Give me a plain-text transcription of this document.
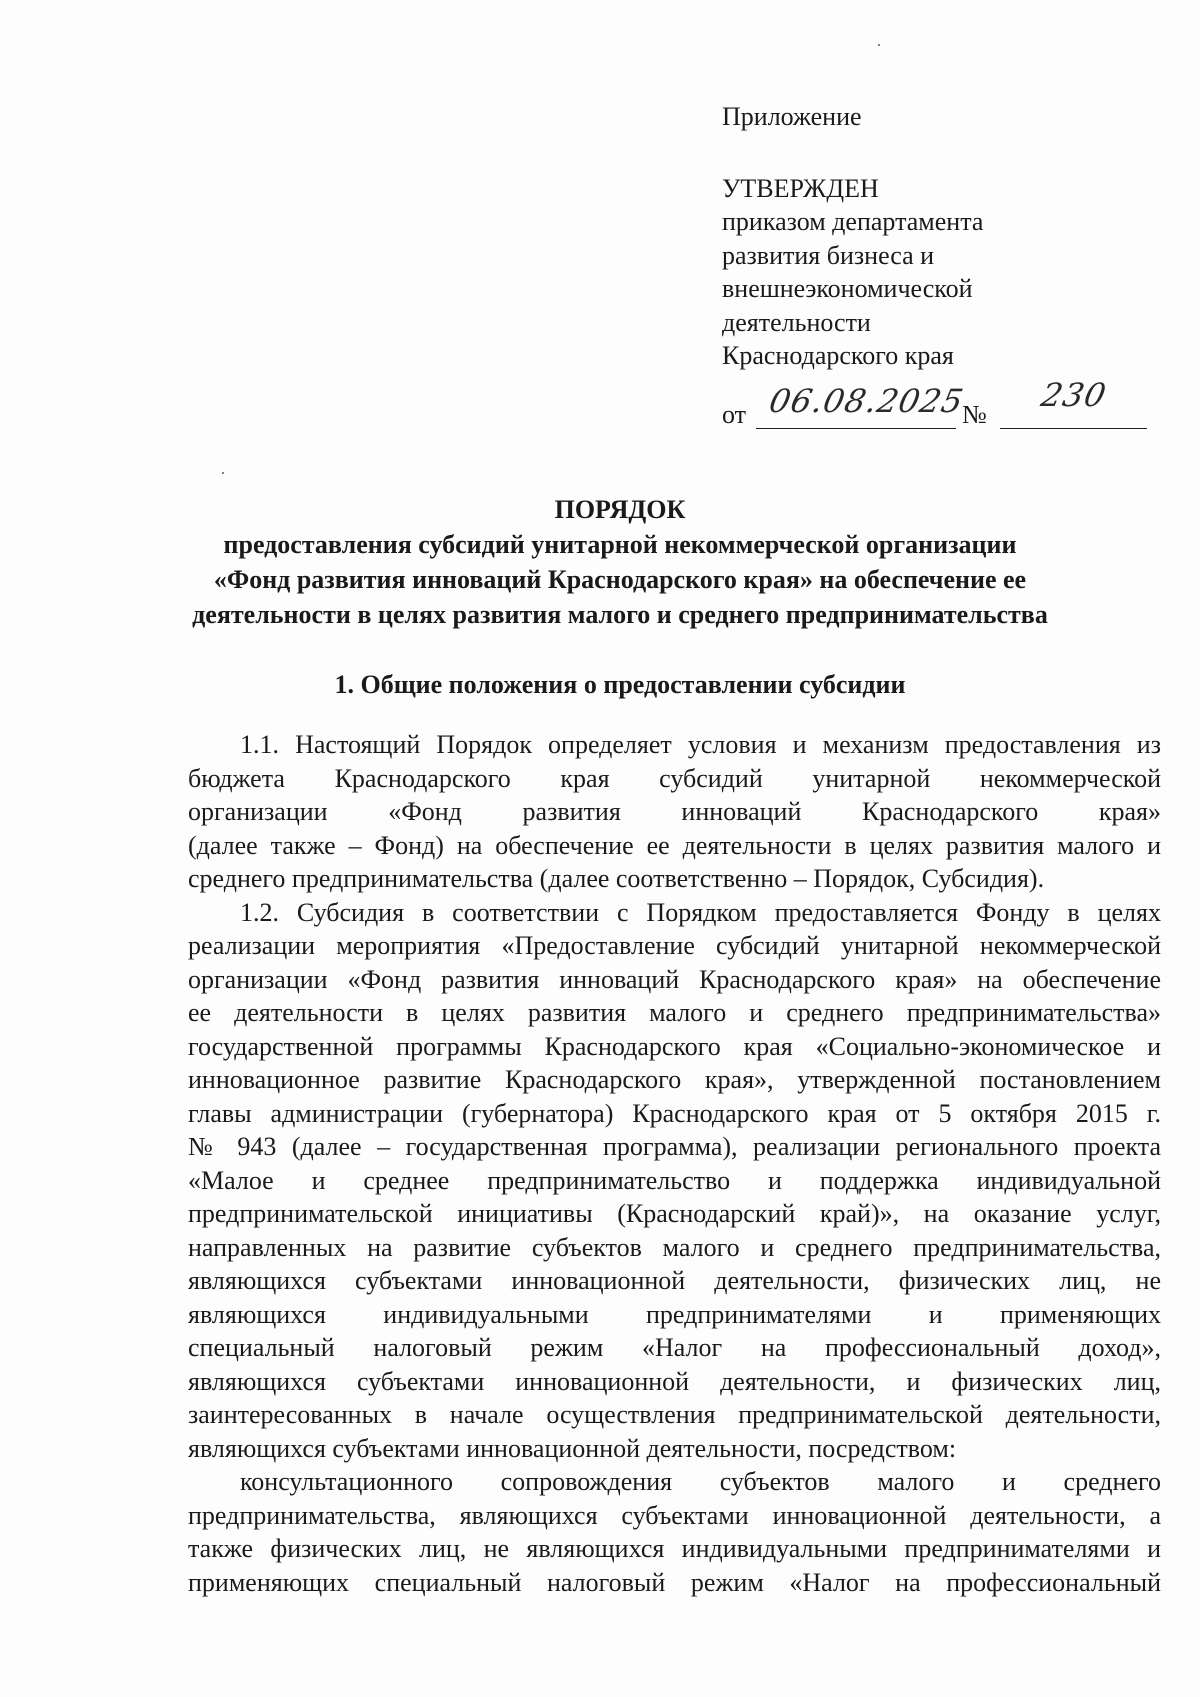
Приложение
УТВЕРЖДЕН
приказом департамента
развития бизнеса и
внешнеэкономической
деятельности
Краснодарского края
от 06.08.2025
№
230
ПОРЯДОК
предоставления субсидий унитарной некоммерческой организации
«Фонд развития инноваций Краснодарского края» на обеспечение ее
деятельности в целях развития малого и среднего предпринимательства
1. Общие положения о предоставлении субсидии
1.1. Настоящий Порядок определяет условия и механизм предоставления из
бюджета Краснодарского края субсидий унитарной некоммерческой
организации «Фонд развития инноваций Краснодарского края»
(далее также – Фонд) на обеспечение ее деятельности в целях развития малого и
среднего предпринимательства (далее соответственно – Порядок, Субсидия).
1.2. Субсидия в соответствии с Порядком предоставляется Фонду в целях
реализации мероприятия «Предоставление субсидий унитарной некоммерческой
организации «Фонд развития инноваций Краснодарского края» на обеспечение
ее деятельности в целях развития малого и среднего предпринимательства»
государственной программы Краснодарского края «Социально-экономическое и
инновационное развитие Краснодарского края», утвержденной постановлением
главы администрации (губернатора) Краснодарского края от 5 октября 2015 г.
№ 943 (далее – государственная программа), реализации регионального проекта
«Малое и среднее предпринимательство и поддержка индивидуальной
предпринимательской инициативы (Краснодарский край)», на оказание услуг,
направленных на развитие субъектов малого и среднего предпринимательства,
являющихся субъектами инновационной деятельности, физических лиц, не
являющихся индивидуальными предпринимателями и применяющих
специальный налоговый режим «Налог на профессиональный доход»,
являющихся субъектами инновационной деятельности, и физических лиц,
заинтересованных в начале осуществления предпринимательской деятельности,
являющихся субъектами инновационной деятельности, посредством:
консультационного сопровождения субъектов малого и среднего
предпринимательства, являющихся субъектами инновационной деятельности, а
также физических лиц, не являющихся индивидуальными предпринимателями и
применяющих специальный налоговый режим «Налог на профессиональный
